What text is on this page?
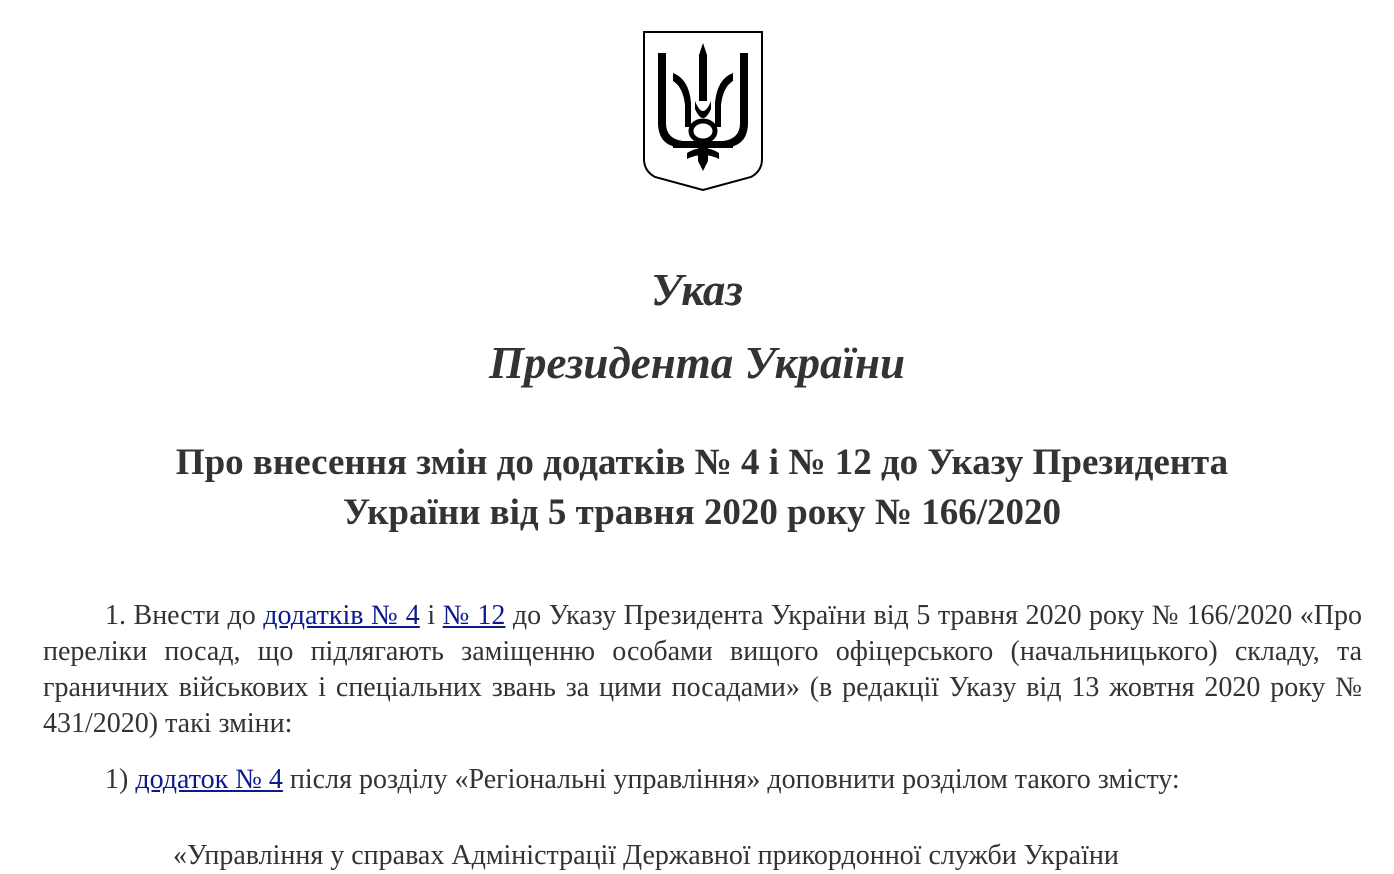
Указ
Президента України
Про внесення змін до додатків № 4 і № 12 до Указу Президента України від 5 травня 2020 року № 166/2020

1. Внести до додатків № 4 і № 12 до Указу Президента України від 5 травня 2020 року № 166/2020 «Про переліки посад, що підлягають заміщенню особами вищого офіцерського (начальницького) складу, та граничних військових і спеціальних звань за цими посадами» (в редакції Указу від 13 жовтня 2020 року № 431/2020) такі зміни:

1) додаток № 4 після розділу «Регіональні управління» доповнити розділом такого змісту:

«Управління у справах Адміністрації Державної прикордонної служби України
